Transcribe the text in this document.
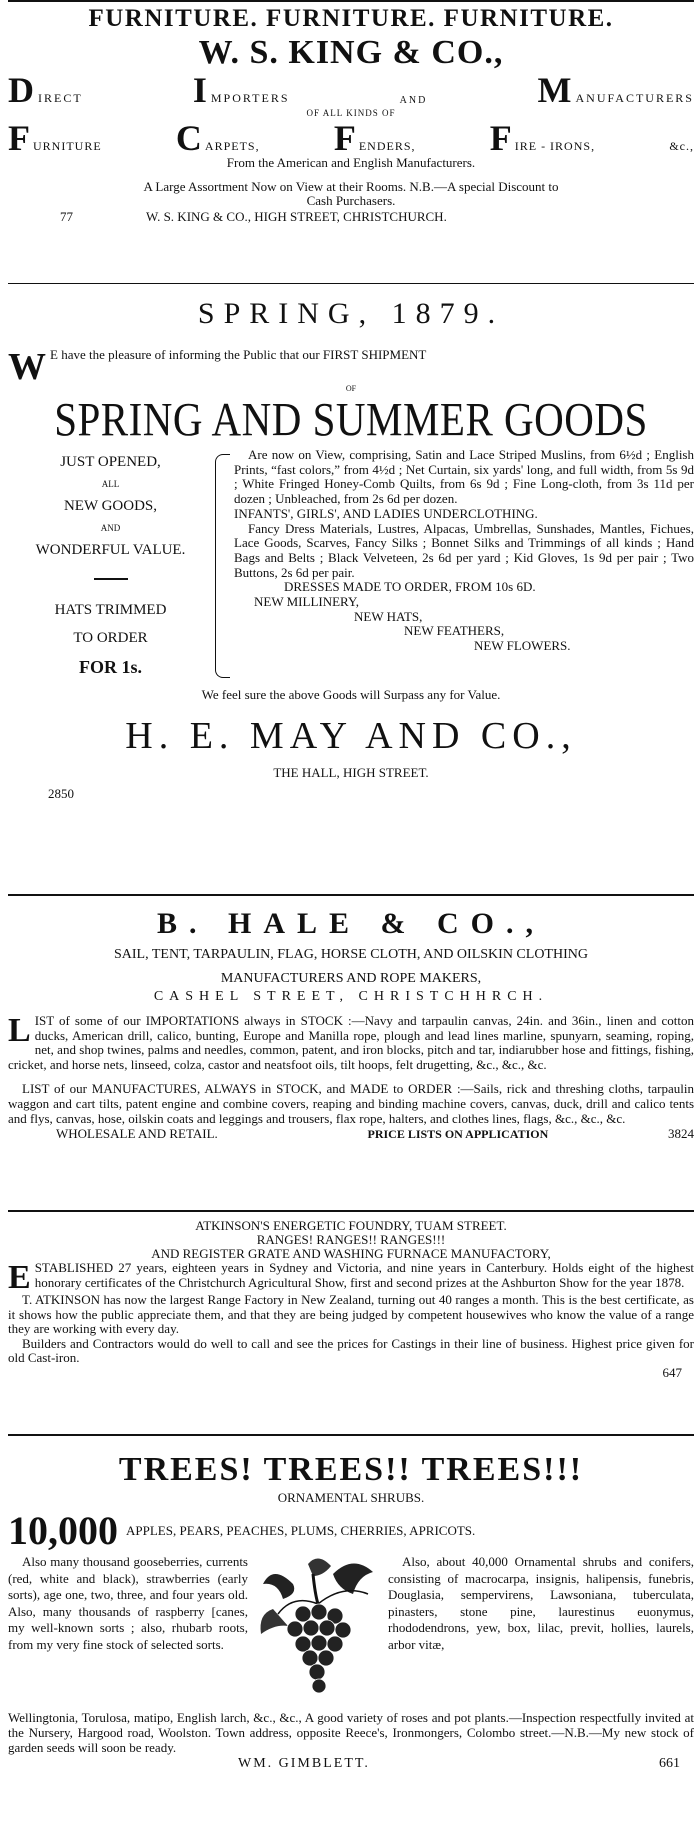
FURNITURE. FURNITURE. FURNITURE.
W. S. KING & CO.,
D IRECT	I MPORTERS	AND	M ANUFACTURERS
OF ALL KINDS OF
F URNITURE C ARPETS, F ENDERS, F IRE - IRONS,	&c.,
From the American and English Manufacturers.
A Large Assortment Now on View at their Rooms. N.B.—A special Discount to
Cash Purchasers.
77	W. S. KING & CO., HIGH STREET, CHRISTCHURCH.
SPRING, 1879.
W E have the pleasure of informing the Public that our FIRST SHIPMENT
OF
SPRING AND SUMMER GOODS
JUST OPENED,
ALL
NEW GOODS,
AND
WONDERFUL VALUE.
HATS TRIMMED
TO ORDER
FOR 1s.

Are now on View, comprising, Satin and Lace Striped Muslins, from 6½d ; English Prints, “fast colors,” from 4½d ; Net Curtain, six yards' long, and full width, from 5s 9d ; White Fringed Honey-Comb Quilts, from 6s 9d ; Fine Long-cloth, from 3s 11d per dozen ; Unbleached, from 2s 6d per dozen.

INFANTS', GIRLS', AND LADIES UNDERCLOTHING.

Fancy Dress Materials, Lustres, Alpacas, Umbrellas, Sunshades, Mantles, Fichues, Lace Goods, Scarves, Fancy Silks ; Bonnet Silks and Trimmings of all kinds ; Hand Bags and Belts ; Black Velveteen, 2s 6d per yard ; Kid Gloves, 1s 9d per pair ; Two Buttons, 2s 6d per pair.

DRESSES MADE TO ORDER, FROM 10s 6D.

NEW MILLINERY,

NEW HATS,

NEW FEATHERS,

NEW FLOWERS.

We feel sure the above Goods will Surpass any for Value.
H. E. MAY AND CO.,
THE HALL, HIGH STREET.
2850
B. HALE & CO.,
SAIL, TENT, TARPAULIN, FLAG, HORSE CLOTH, AND OILSKIN CLOTHING
MANUFACTURERS AND ROPE MAKERS,
CASHEL STREET, CHRISTCHHRCH.
L IST of some of our IMPORTATIONS always in STOCK :—Navy and tarpaulin canvas, 24in. and 36in., linen and cotton ducks, American drill, calico, bunting, Europe and Manilla rope, plough and lead lines marline, spunyarn, seaming, roping, net, and shop twines, palms and needles, common, patent, and iron blocks, pitch and tar, indiarubber hose and fittings, fishing, cricket, and horse nets, linseed, colza, castor and neatsfoot oils, tilt hoops, felt drugetting, &c., &c., &c.

LIST of our MANUFACTURES, ALWAYS in STOCK, and MADE to ORDER :—Sails, rick and threshing cloths, tarpaulin waggon and cart tilts, patent engine and combine covers, reaping and binding machine covers, canvas, duck, drill and calico tents and flys, canvas, hose, oilskin coats and leggings and trousers, flax rope, halters, and clothes lines, flags, &c., &c., &c.

WHOLESALE AND RETAIL.	PRICE LISTS ON APPLICATION	3824
ATKINSON'S ENERGETIC FOUNDRY, TUAM STREET.
RANGES! RANGES!! RANGES!!!
AND REGISTER GRATE AND WASHING FURNACE MANUFACTORY,
E STABLISHED 27 years, eighteen years in Sydney and Victoria, and nine years in Canterbury. Holds eight of the highest honorary certificates of the Christchurch Agricultural Show, first and second prizes at the Ashburton Show for the year 1878.

T. ATKINSON has now the largest Range Factory in New Zealand, turning out 40 ranges a month. This is the best certificate, as it shows how the public appreciate them, and that they are being judged by competent housewives who know the value of a range they are working with every day.

Builders and Contractors would do well to call and see the prices for Castings in their line of business. Highest price given for old Cast-iron.

647
TREES! TREES!! TREES!!!
ORNAMENTAL SHRUBS.
10,000 APPLES, PEARS, PEACHES, PLUMS, CHERRIES, APRICOTS.

Also many thousand gooseberries, currents (red, white and black), strawberries (early sorts), age one, two, three, and four years old. Also, many thousands of raspberry [canes, my well-known sorts ; also, rhubarb roots, from my very fine stock of selected sorts.

Also, about 40,000 Ornamental shrubs and conifers, consisting of macrocarpa, insignis, halipensis, funebris, Douglasia, sempervirens, Lawsoniana, tuberculata, pinasters, stone pine, laurestinus euonymus, rhododendrons, yew, box, lilac, previt, hollies, laurels, arbor vitæ,

Wellingtonia, Torulosa, matipo, English larch, &c., &c., A good variety of roses and pot plants.—Inspection respectfully invited at the Nursery, Hargood road, Woolston. Town address, opposite Reece's, Ironmongers, Colombo street.—N.B.—My new stock of garden seeds will soon be ready.

WM. GIMBLETT.	661
